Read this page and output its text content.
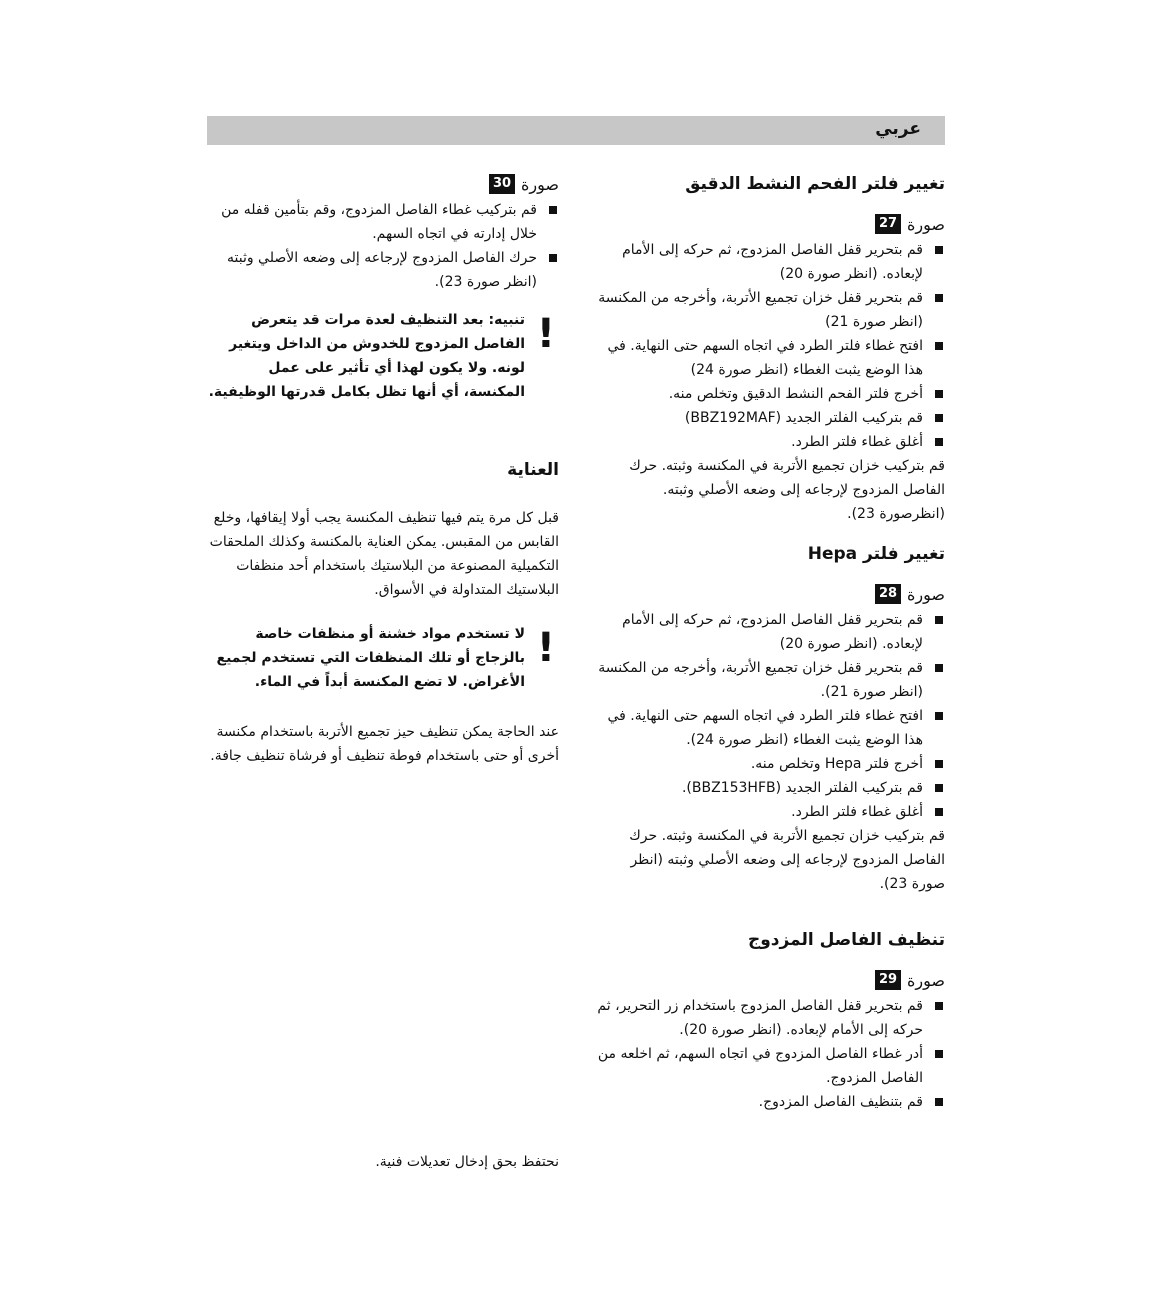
عربي
تغيير فلتر الفحم النشط الدقيق
صورة
27
قم بتحرير قفل الفاصل المزدوج، ثم حركه إلى الأمام لإبعاده. (انظر صورة 20)
قم بتحرير قفل خزان تجميع الأتربة، وأخرجه من المكنسة (انظر صورة 21)
افتح غطاء فلتر الطرد في اتجاه السهم حتى النهاية. في هذا الوضع يثبت الغطاء (انظر صورة 24)
أخرج فلتر الفحم النشط الدقيق وتخلص منه.
قم بتركيب الفلتر الجديد (BBZ192MAF)
أغلق غطاء فلتر الطرد.

قم بتركيب خزان تجميع الأتربة في المكنسة وثبته. حرك الفاصل المزدوج لإرجاعه إلى وضعه الأصلي وثبته. (انظرصورة 23).

تغيير فلتر Hepa
صورة
28
قم بتحرير قفل الفاصل المزدوج، ثم حركه إلى الأمام لإبعاده. (انظر صورة 20)
قم بتحرير قفل خزان تجميع الأتربة، وأخرجه من المكنسة (انظر صورة 21).
افتح غطاء فلتر الطرد في اتجاه السهم حتى النهاية. في هذا الوضع يثبت الغطاء (انظر صورة 24).
أخرج فلتر Hepa وتخلص منه.
قم بتركيب الفلتر الجديد (BBZ153HFB).
أغلق غطاء فلتر الطرد.

قم بتركيب خزان تجميع الأتربة في المكنسة وثبته. حرك الفاصل المزدوج لإرجاعه إلى وضعه الأصلي وثبته (انظر صورة 23).

تنظيف الفاصل المزدوج
صورة
29
قم بتحرير قفل الفاصل المزدوج باستخدام زر التحرير، ثم حركه إلى الأمام لإبعاده. (انظر صورة 20).
أدر غطاء الفاصل المزدوج في اتجاه السهم، ثم اخلعه من الفاصل المزدوج.
قم بتنظيف الفاصل المزدوج.
صورة
30
قم بتركيب غطاء الفاصل المزدوج، وقم بتأمين قفله من خلال إدارته في اتجاه السهم.
حرك الفاصل المزدوج لإرجاعه إلى وضعه الأصلي وثبته (انظر صورة 23).
!
تنبيه: بعد التنظيف لعدة مرات قد يتعرض الفاصل المزدوج للخدوش من الداخل ويتغير لونه. ولا يكون لهذا أي تأثير على عمل المكنسة، أي أنها تظل بكامل قدرتها الوظيفية.
العناية

قبل كل مرة يتم فيها تنظيف المكنسة يجب أولا إيقافها، وخلع القابس من المقبس. يمكن العناية بالمكنسة وكذلك الملحقات التكميلية المصنوعة من البلاستيك باستخدام أحد منظفات البلاستيك المتداولة في الأسواق.

!
لا تستخدم مواد خشنة أو منظفات خاصة بالزجاج أو تلك المنظفات التي تستخدم لجميع الأغراض. لا تضع المكنسة أبداً في الماء.

عند الحاجة يمكن تنظيف حيز تجميع الأتربة باستخدام مكنسة أخرى أو حتى باستخدام فوطة تنظيف أو فرشاة تنظيف جافة.

نحتفظ بحق إدخال تعديلات فنية.
